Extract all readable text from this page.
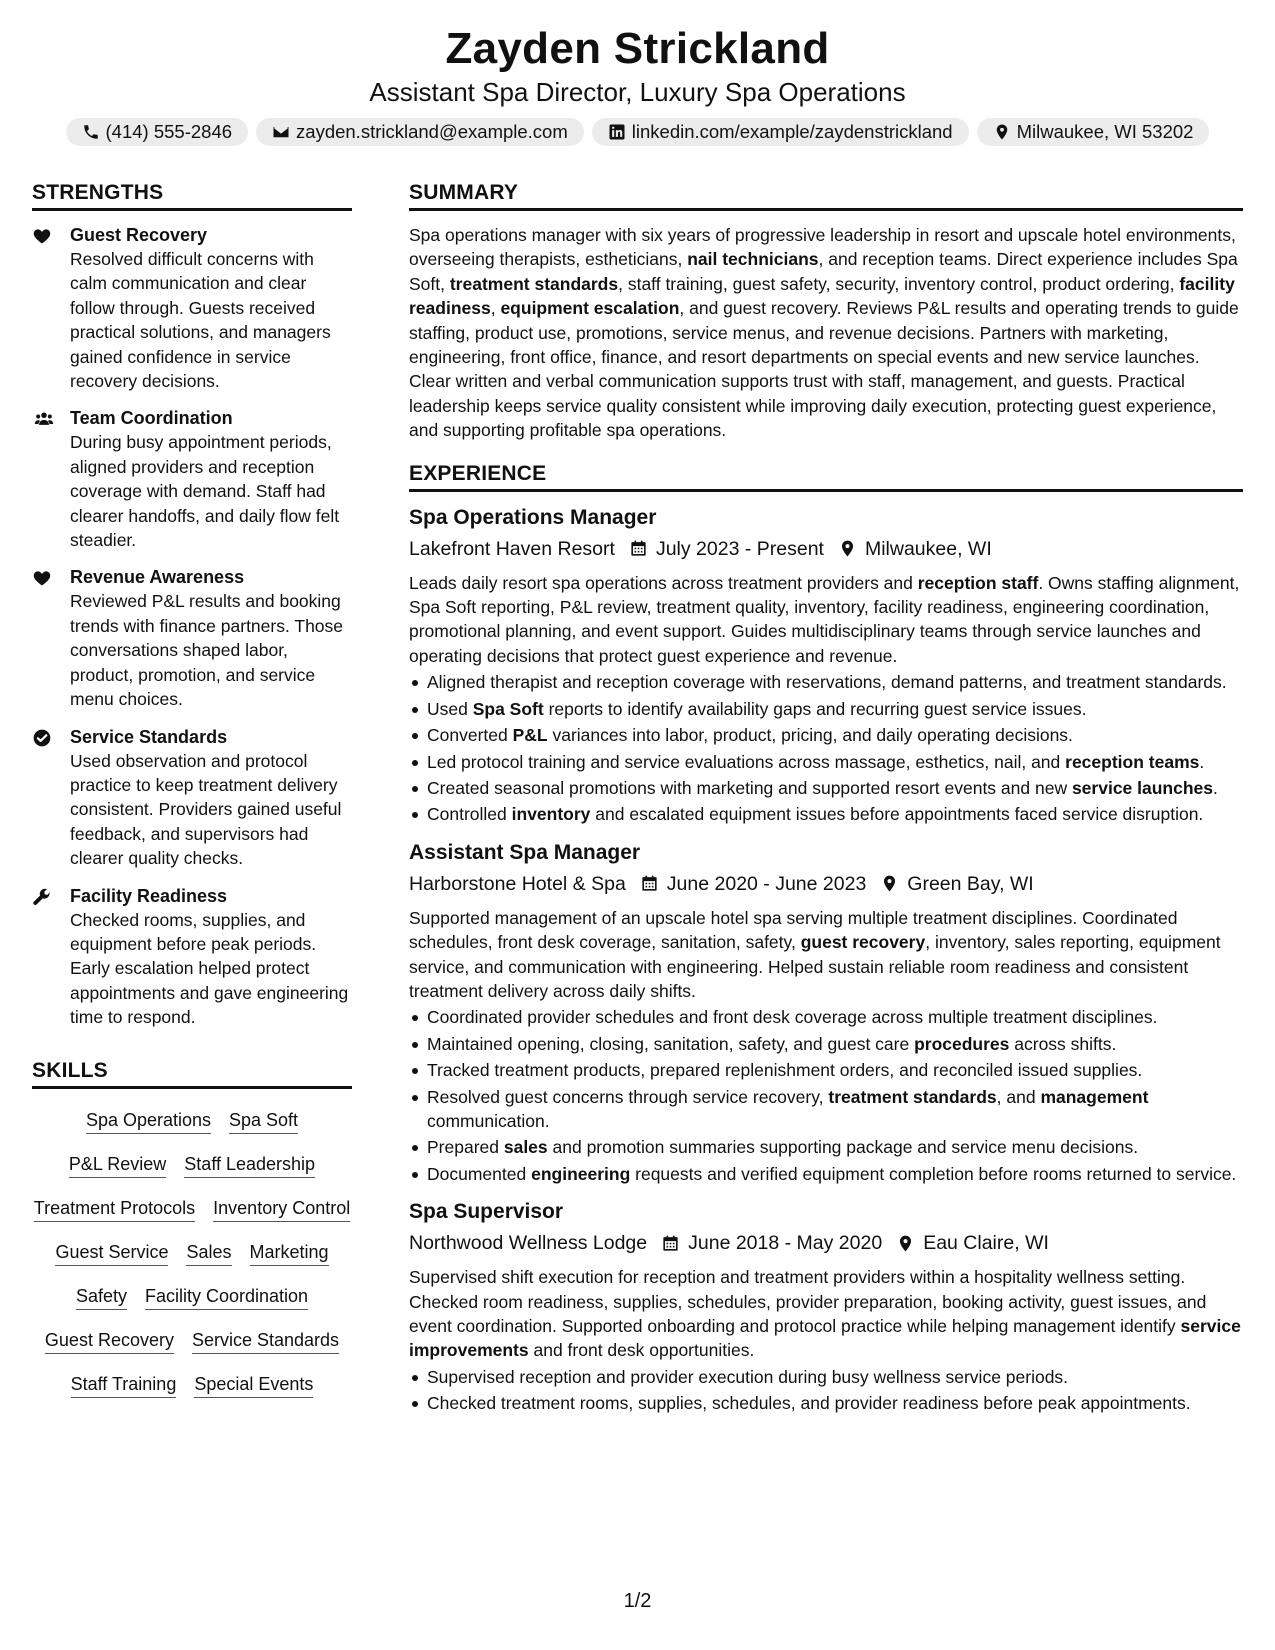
Zayden Strickland
Assistant Spa Director, Luxury Spa Operations
(414) 555-2846	zayden.strickland@example.com	linkedin.com/example/zaydenstrickland	Milwaukee, WI 53202
STRENGTHS
Guest Recovery
Resolved difficult concerns with calm communication and clear follow through. Guests received practical solutions, and managers gained confidence in service recovery decisions.
Team Coordination
During busy appointment periods, aligned providers and reception coverage with demand. Staff had clearer handoffs, and daily flow felt steadier.
Revenue Awareness
Reviewed P&L results and booking trends with finance partners. Those conversations shaped labor, product, promotion, and service menu choices.
Service Standards
Used observation and protocol practice to keep treatment delivery consistent. Providers gained useful feedback, and supervisors had clearer quality checks.
Facility Readiness
Checked rooms, supplies, and equipment before peak periods. Early escalation helped protect appointments and gave engineering time to respond.
SKILLS
Spa Operations Spa Soft
P&L Review Staff Leadership
Treatment Protocols Inventory Control
Guest Service Sales Marketing
Safety Facility Coordination
Guest Recovery Service Standards
Staff Training Special Events
SUMMARY
Spa operations manager with six years of progressive leadership in resort and upscale hotel environments, overseeing therapists, estheticians, nail technicians, and reception teams. Direct experience includes Spa Soft, treatment standards, staff training, guest safety, security, inventory control, product ordering, facility readiness, equipment escalation, and guest recovery. Reviews P&L results and operating trends to guide staffing, product use, promotions, service menus, and revenue decisions. Partners with marketing, engineering, front office, finance, and resort departments on special events and new service launches. Clear written and verbal communication supports trust with staff, management, and guests. Practical leadership keeps service quality consistent while improving daily execution, protecting guest experience, and supporting profitable spa operations.
EXPERIENCE
Spa Operations Manager
Lakefront Haven Resort July 2023 - Present Milwaukee, WI
Leads daily resort spa operations across treatment providers and reception staff. Owns staffing alignment, Spa Soft reporting, P&L review, treatment quality, inventory, facility readiness, engineering coordination, promotional planning, and event support. Guides multidisciplinary teams through service launches and operating decisions that protect guest experience and revenue.
Aligned therapist and reception coverage with reservations, demand patterns, and treatment standards.
Used Spa Soft reports to identify availability gaps and recurring guest service issues.
Converted P&L variances into labor, product, pricing, and daily operating decisions.
Led protocol training and service evaluations across massage, esthetics, nail, and reception teams.
Created seasonal promotions with marketing and supported resort events and new service launches.
Controlled inventory and escalated equipment issues before appointments faced service disruption.
Assistant Spa Manager
Harborstone Hotel & Spa June 2020 - June 2023 Green Bay, WI
Supported management of an upscale hotel spa serving multiple treatment disciplines. Coordinated schedules, front desk coverage, sanitation, safety, guest recovery, inventory, sales reporting, equipment service, and communication with engineering. Helped sustain reliable room readiness and consistent treatment delivery across daily shifts.
Coordinated provider schedules and front desk coverage across multiple treatment disciplines.
Maintained opening, closing, sanitation, safety, and guest care procedures across shifts.
Tracked treatment products, prepared replenishment orders, and reconciled issued supplies.
Resolved guest concerns through service recovery, treatment standards, and management communication.
Prepared sales and promotion summaries supporting package and service menu decisions.
Documented engineering requests and verified equipment completion before rooms returned to service.
Spa Supervisor
Northwood Wellness Lodge June 2018 - May 2020 Eau Claire, WI
Supervised shift execution for reception and treatment providers within a hospitality wellness setting. Checked room readiness, supplies, schedules, provider preparation, booking activity, guest issues, and event coordination. Supported onboarding and protocol practice while helping management identify service improvements and front desk opportunities.
Supervised reception and provider execution during busy wellness service periods.
Checked treatment rooms, supplies, schedules, and provider readiness before peak appointments.
1/2
